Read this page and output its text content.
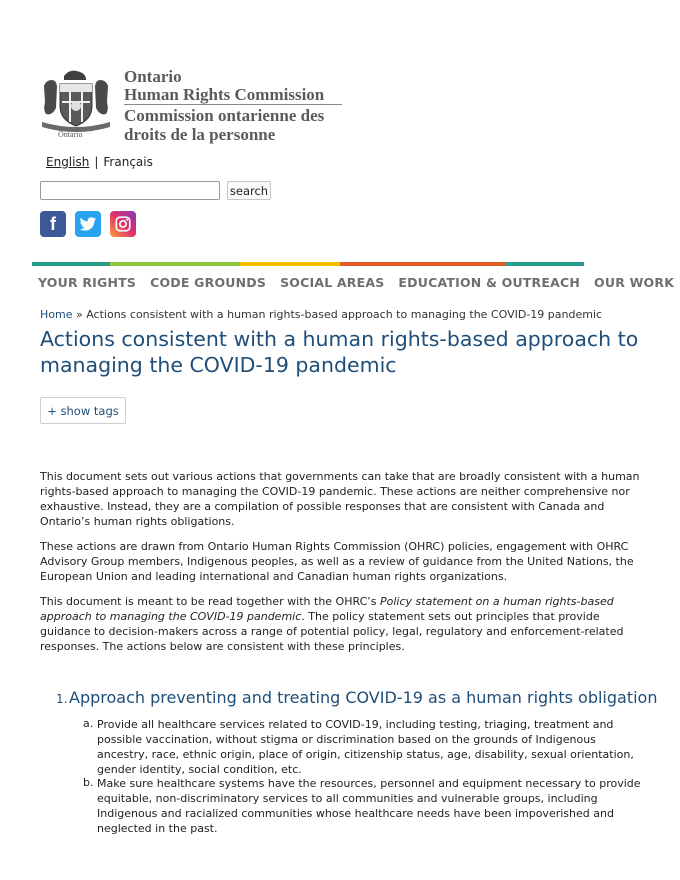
Ontario
Ontario
Human Rights Commission
Commission ontarienne des
droits de la personne
English | Français
search
f
YOUR RIGHTS CODE GROUNDS SOCIAL AREAS EDUCATION & OUTREACH OUR WORK
Home » Actions consistent with a human rights-based approach to managing the COVID-19 pandemic
Actions consistent with a human rights-based approach to managing the COVID-19 pandemic
+ show tags

This document sets out various actions that governments can take that are broadly consistent with a human rights-based approach to managing the COVID-19 pandemic. These actions are neither comprehensive nor exhaustive. Instead, they are a compilation of possible responses that are consistent with Canada and Ontario’s human rights obligations.

These actions are drawn from Ontario Human Rights Commission (OHRC) policies, engagement with OHRC Advisory Group members, Indigenous peoples, as well as a review of guidance from the United Nations, the European Union and leading international and Canadian human rights organizations.

This document is meant to be read together with the OHRC’s Policy statement on a human rights-based approach to managing the COVID-19 pandemic. The policy statement sets out principles that provide guidance to decision-makers across a range of potential policy, legal, regulatory and enforcement-related responses. The actions below are consistent with these principles.

1. Approach preventing and treating COVID-19 as a human rights obligation
a. Provide all healthcare services related to COVID-19, including testing, triaging, treatment and possible vaccination, without stigma or discrimination based on the grounds of Indigenous ancestry, race, ethnic origin, place of origin, citizenship status, age, disability, sexual orientation, gender identity, social condition, etc.

b. Make sure healthcare systems have the resources, personnel and equipment necessary to provide equitable, non-discriminatory services to all communities and vulnerable groups, including Indigenous and racialized communities whose healthcare needs have been impoverished and neglected in the past.
